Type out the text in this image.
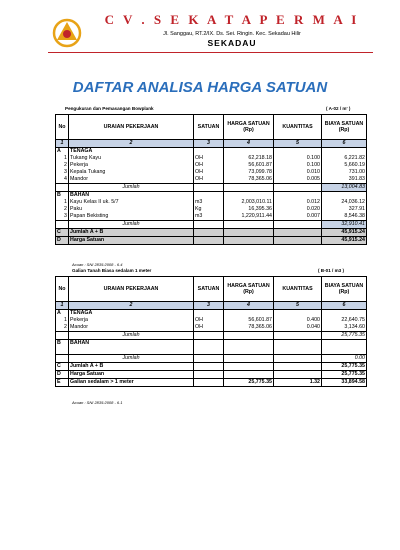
C V . S E K A T A P E R M A I
Jl. Sanggau, RT.2/IX. Ds. Sei. Ringin. Kec. Sekadau Hilir
SEKADAU
DAFTAR ANALISA HARGA SATUAN
Pengukuran dan Pemasangan Bowplank	( A-02 / m' )
No	URAIAN PEKERJAAN	SATUAN	HARGA SATUAN (Rp)	KUANTITAS	BIAYA SATUAN (Rp)
1	2	3	4	5	6
A	TENAGA				
1	Tukang Kayu	OH	62,218.18	0.100	6,221.82
2	Pekerja	OH	56,601.87	0.100	5,660.19
3	Kepala Tukang	OH	73,099.78	0.010	731.00
4	Mandor	OH	78,365.06	0.005	391.83
	Jumlah				13,004.83
B	BAHAN				
1	Kayu Kelas II uk. 5/7	m3	2,003,010.11	0.012	24,036.12
2	Paku	Kg	16,395.36	0.020	327.91
3	Papan Bekisting	m3	1,220,911.44	0.007	8,546.38
	Jumlah				32,910.41
C	Jumlah A + B				45,915.24
D	Harga Satuan				45,915.24
Acuan : SNI 2835:2008 - 6.4
Galian Tanah Biasa sedalam 1 meter	( B-01 / m3 )
No	URAIAN PEKERJAAN	SATUAN	HARGA SATUAN (Rp)	KUANTITAS	BIAYA SATUAN (Rp)
1	2	3	4	5	6
A	TENAGA				
1	Pekerja	OH	56,601.87	0.400	22,640.75
2	Mandor	OH	78,365.06	0.040	3,134.60
	Jumlah				25,775.35
B	BAHAN				

	Jumlah				0.00
C	Jumlah A + B				25,775.35
D	Harga Satuan				25,775.35
E	Galian sedalam > 1 meter		25,775.35	1.32	33,894.58
Acuan : SNI 2835:2008 - 6.1
